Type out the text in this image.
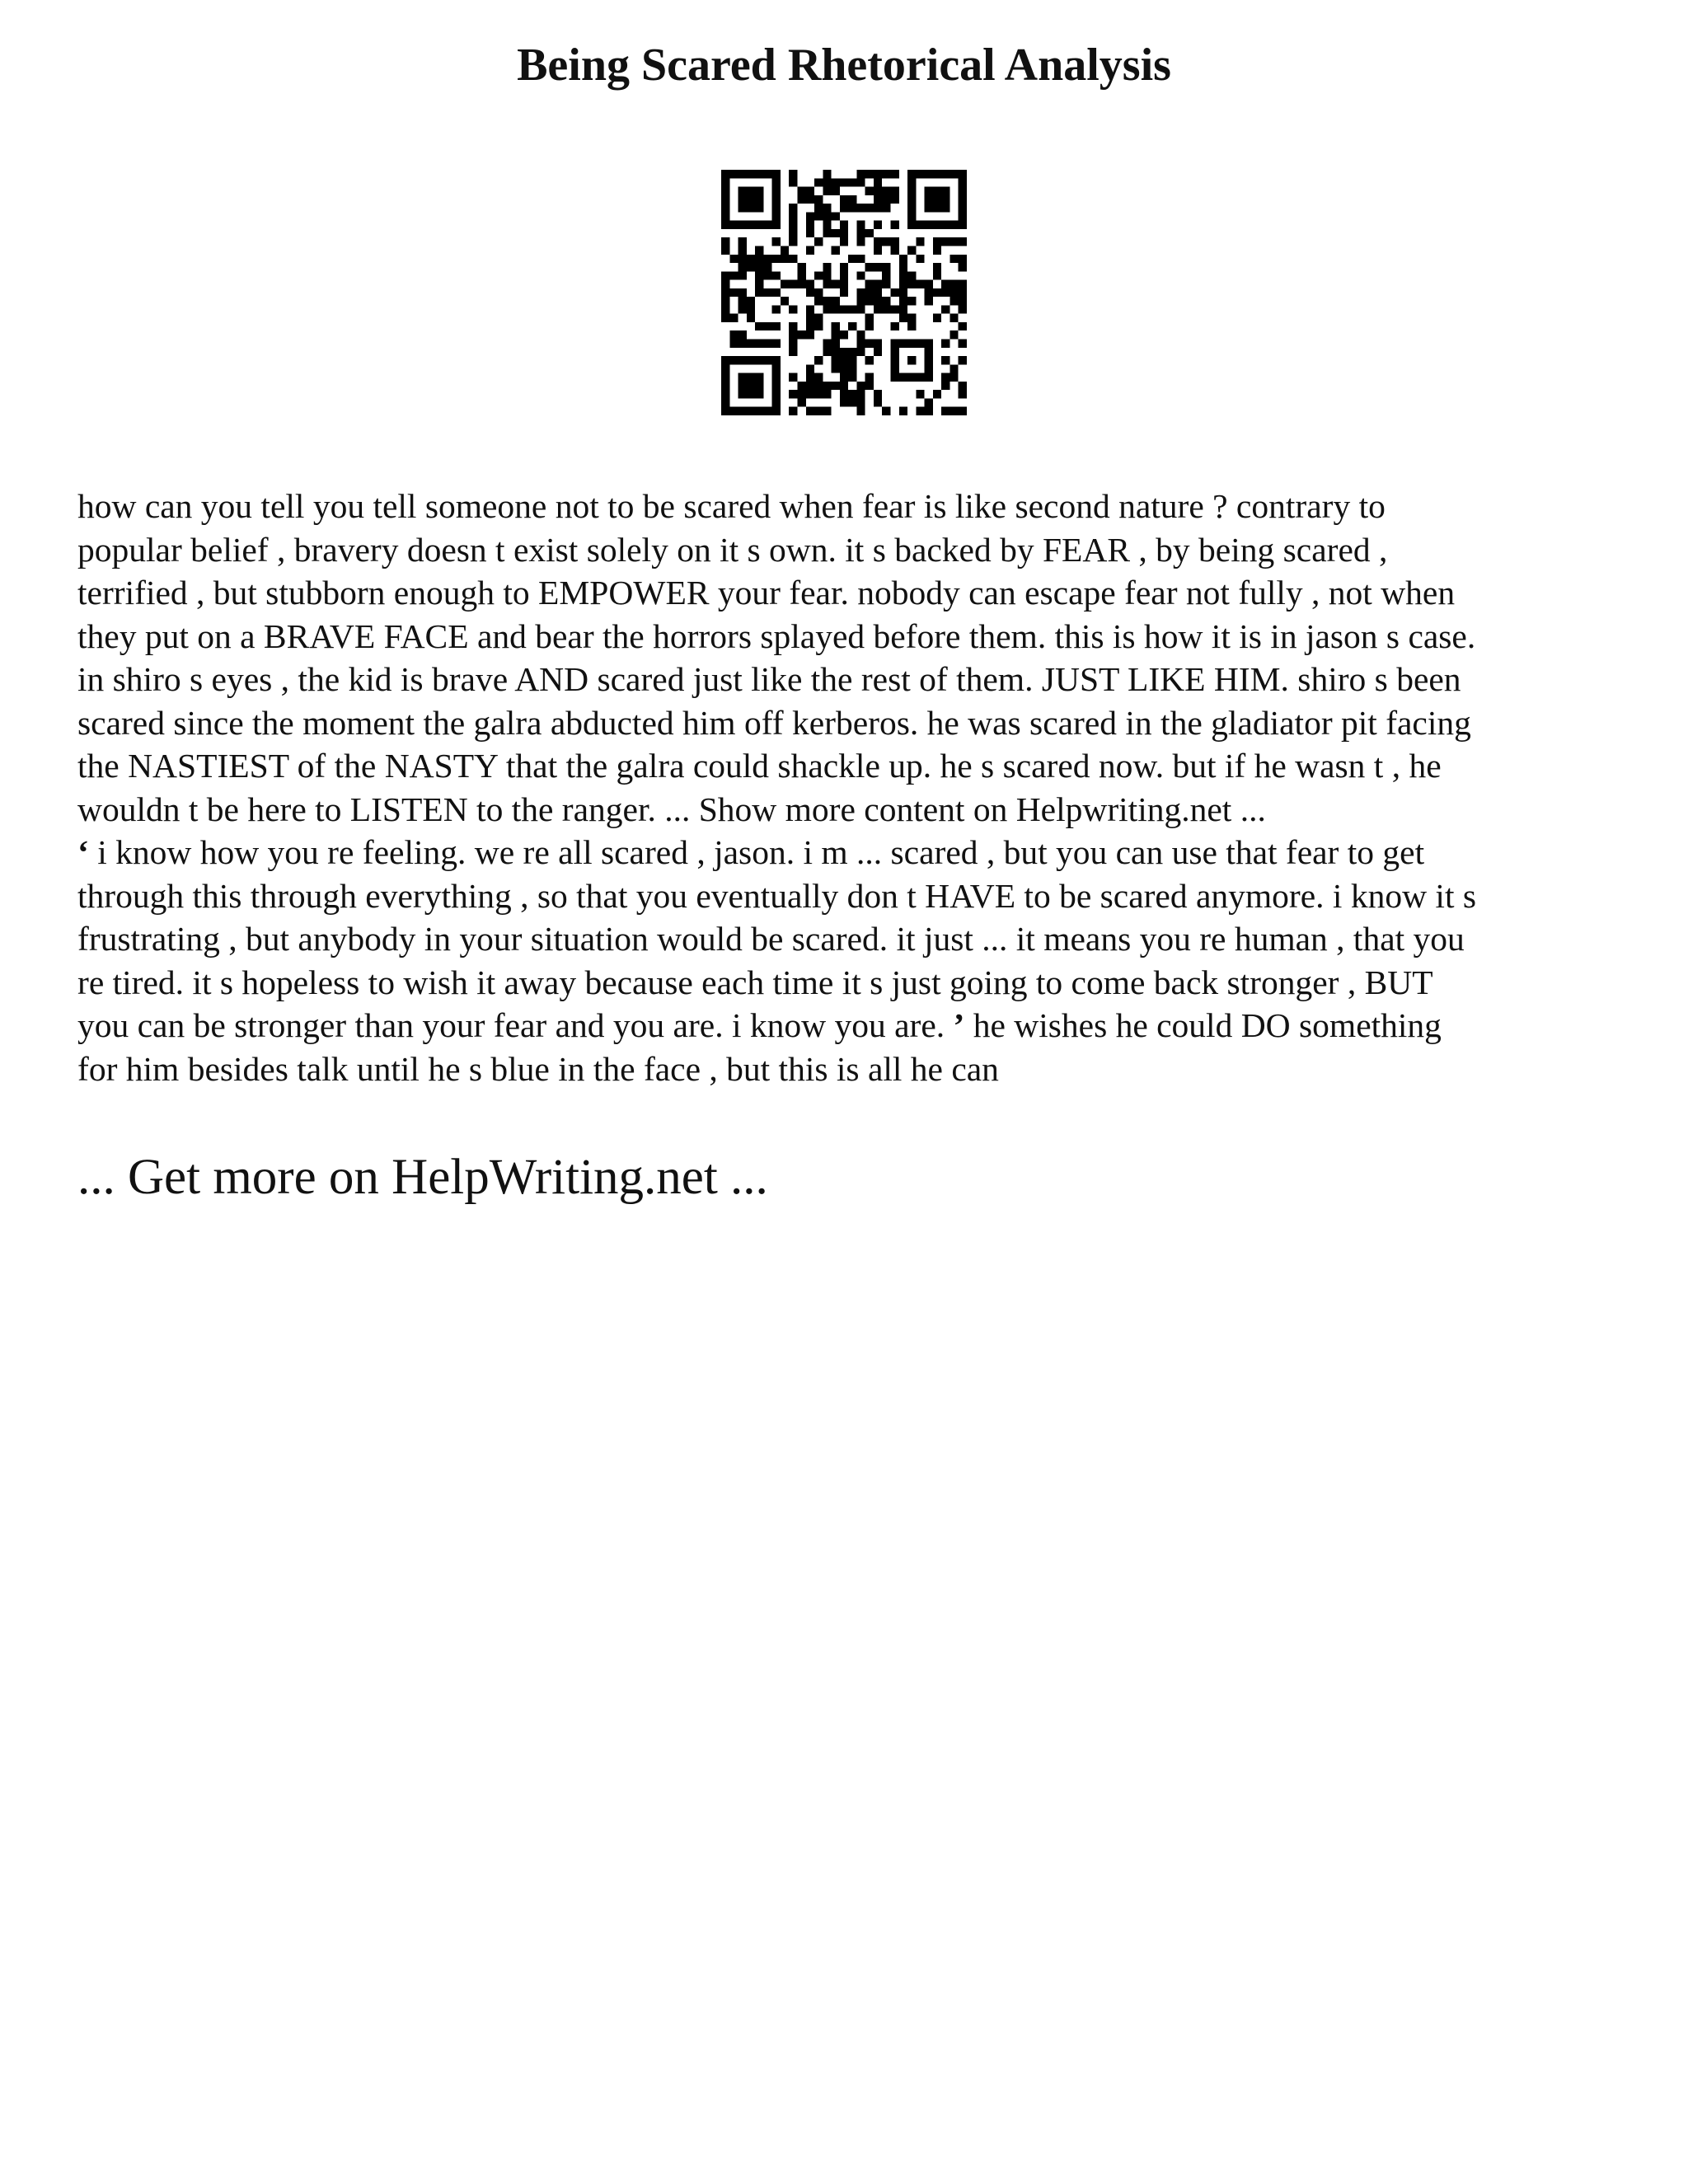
Being Scared Rhetorical Analysis

how can you tell you tell someone not to be scared when fear is like second nature ? contrary to
popular belief , bravery doesn t exist solely on it s own. it s backed by FEAR , by being scared ,
terrified , but stubborn enough to EMPOWER your fear. nobody can escape fear not fully , not when
they put on a BRAVE FACE and bear the horrors splayed before them. this is how it is in jason s case.
in shiro s eyes , the kid is brave AND scared just like the rest of them. JUST LIKE HIM. shiro s been
scared since the moment the galra abducted him off kerberos. he was scared in the gladiator pit facing
the NASTIEST of the NASTY that the galra could shackle up. he s scared now. but if he wasn t , he
wouldn t be here to LISTEN to the ranger. ... Show more content on Helpwriting.net ...

‘ i know how you re feeling. we re all scared , jason. i m ... scared , but you can use that fear to get
through this through everything , so that you eventually don t HAVE to be scared anymore. i know it s
frustrating , but anybody in your situation would be scared. it just ... it means you re human , that you
re tired. it s hopeless to wish it away because each time it s just going to come back stronger , BUT
you can be stronger than your fear and you are. i know you are. ’ he wishes he could DO something
for him besides talk until he s blue in the face , but this is all he can

... Get more on HelpWriting.net ...
